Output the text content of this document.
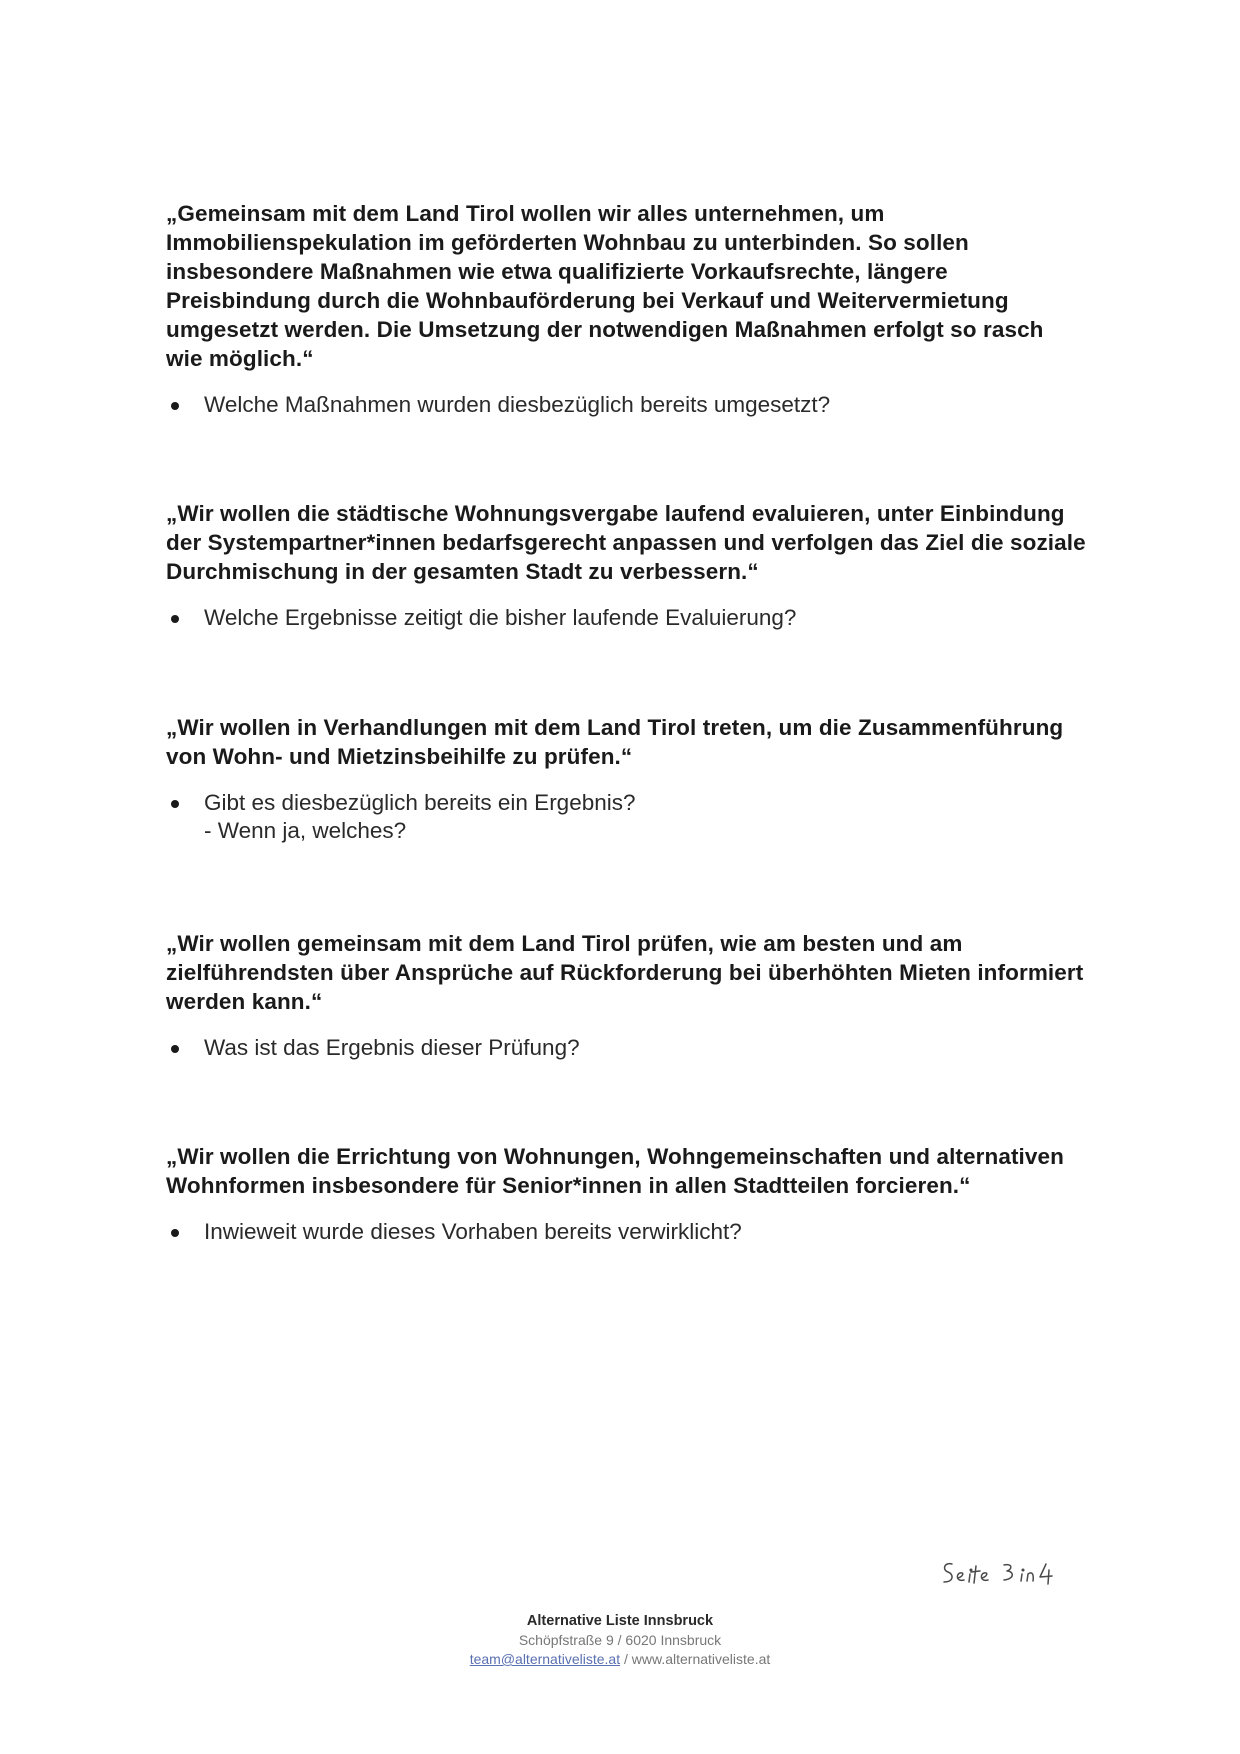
„Gemeinsam mit dem Land Tirol wollen wir alles unternehmen, um Immobilienspekulation im geförderten Wohnbau zu unterbinden. So sollen insbesondere Maßnahmen wie etwa qualifizierte Vorkaufsrechte, längere Preisbindung durch die Wohnbauförderung bei Verkauf und Weitervermietung umgesetzt werden. Die Umsetzung der notwendigen Maßnahmen erfolgt so rasch wie möglich.“

Welche Maßnahmen wurden diesbezüglich bereits umgesetzt?

„Wir wollen die städtische Wohnungsvergabe laufend evaluieren, unter Einbindung der Systempartner*innen bedarfsgerecht anpassen und verfolgen das Ziel die soziale Durchmischung in der gesamten Stadt zu verbessern.“

Welche Ergebnisse zeitigt die bisher laufende Evaluierung?

„Wir wollen in Verhandlungen mit dem Land Tirol treten, um die Zusammenführung von Wohn- und Mietzinsbeihilfe zu prüfen.“

Gibt es diesbezüglich bereits ein Ergebnis?
- Wenn ja, welches?

„Wir wollen gemeinsam mit dem Land Tirol prüfen, wie am besten und am zielführendsten über Ansprüche auf Rückforderung bei überhöhten Mieten informiert werden kann.“

Was ist das Ergebnis dieser Prüfung?

„Wir wollen die Errichtung von Wohnungen, Wohngemeinschaften und alternativen Wohnformen insbesondere für Senior*innen in allen Stadtteilen forcieren.“

Inwieweit wurde dieses Vorhaben bereits verwirklicht?
Alternative Liste Innsbruck
Schöpfstraße 9 / 6020 Innsbruck
team@alternativeliste.at / www.alternativeliste.at
